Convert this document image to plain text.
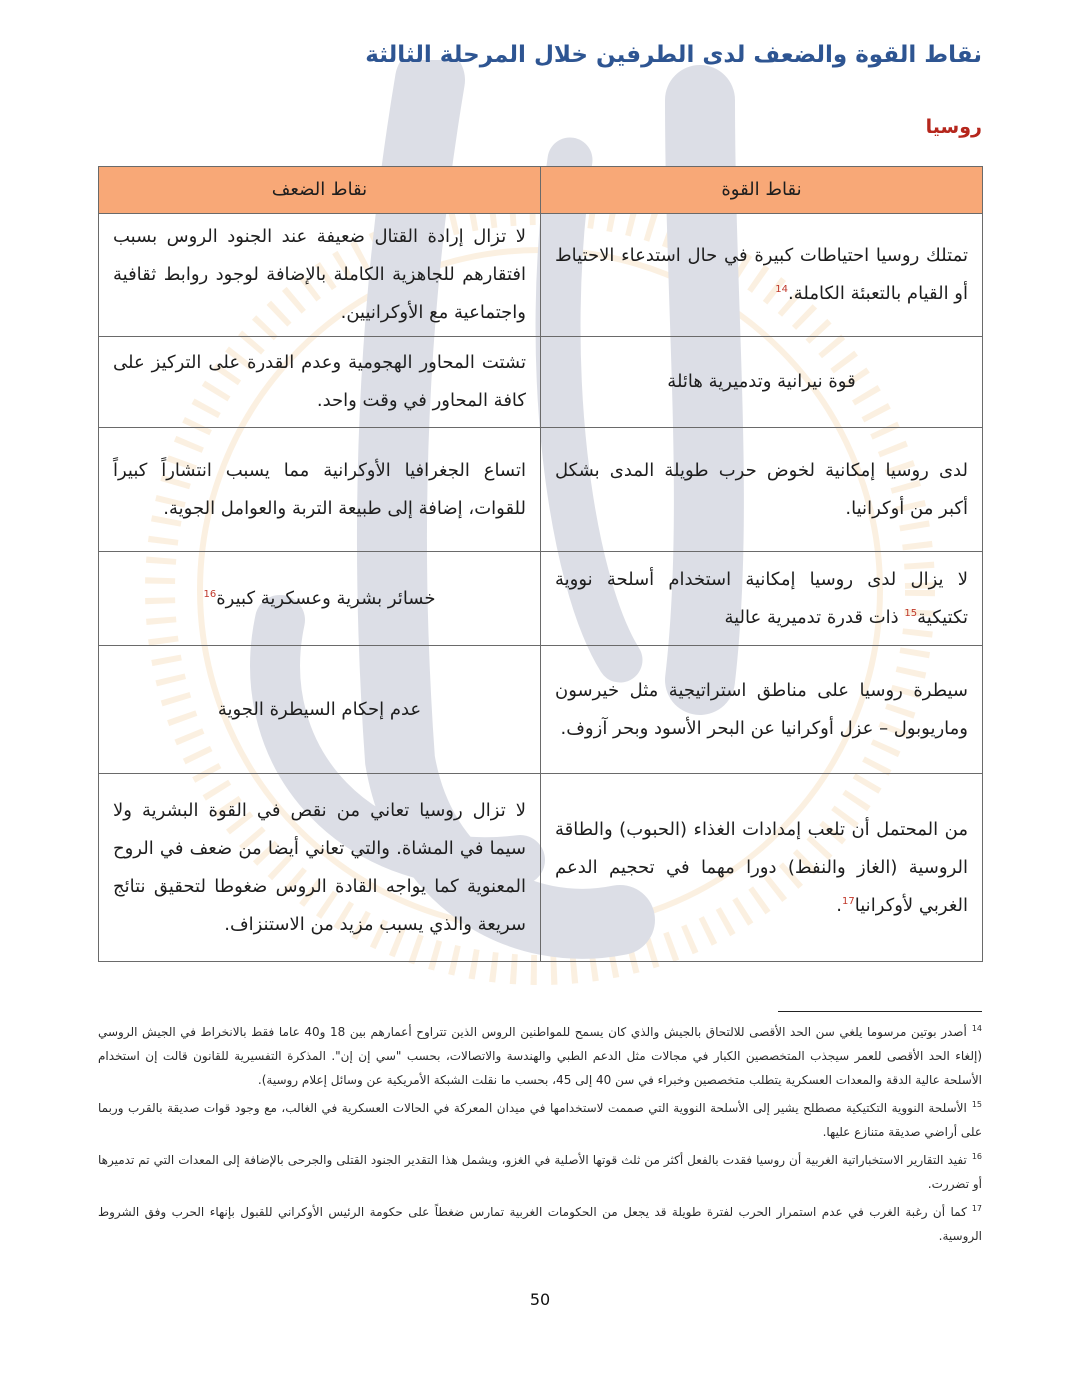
نقاط القوة والضعف لدى الطرفين خلال المرحلة الثالثة
روسيا
نقاط القوة	نقاط الضعف
تمتلك روسيا احتياطات كبيرة في حال استدعاء الاحتياط أو القيام بالتعبئة الكاملة.$^{14}$	لا تزال إرادة القتال ضعيفة عند الجنود الروس بسبب افتقارهم للجاهزية الكاملة بالإضافة لوجود روابط ثقافية واجتماعية مع الأوكرانيين.
قوة نيرانية وتدميرية هائلة	تشتت المحاور الهجومية وعدم القدرة على التركيز على كافة المحاور في وقت واحد.
لدى روسيا إمكانية لخوض حرب طويلة المدى بشكل أكبر من أوكرانيا.	اتساع الجغرافيا الأوكرانية مما يسبب انتشاراً كبيراً للقوات، إضافة إلى طبيعة التربة والعوامل الجوية.
لا يزال لدى روسيا إمكانية استخدام أسلحة نووية تكتيكية$^{15}$ ذات قدرة تدميرية عالية	خسائر بشرية وعسكرية كبيرة$^{16}$
سيطرة روسيا على مناطق استراتيجية مثل خيرسون وماريوبول – عزل أوكرانيا عن البحر الأسود وبحر آزوف.	عدم إحكام السيطرة الجوية
من المحتمل أن تلعب إمدادات الغذاء (الحبوب) والطاقة الروسية (الغاز والنفط) دورا مهما في تحجيم الدعم الغربي لأوكرانيا$^{17}$.	لا تزال روسيا تعاني من نقص في القوة البشرية ولا سيما في المشاة. والتي تعاني أيضا من ضعف في الروح المعنوية كما يواجه القادة الروس ضغوطا لتحقيق نتائج سريعة والذي يسبب مزيد من الاستنزاف.

$^{14}$أصدر بوتين مرسوما يلغي سن الحد الأقصى للالتحاق بالجيش والذي كان يسمح للمواطنين الروس الذين تتراوح أعمارهم بين 18 و40 عاما فقط بالانخراط في الجيش الروسي (إلغاء الحد الأقصى للعمر سيجذب المتخصصين الكبار في مجالات مثل الدعم الطبي والهندسة والاتصالات، بحسب "سي إن إن". المذكرة التفسيرية للقانون قالت إن استخدام الأسلحة عالية الدقة والمعدات العسكرية يتطلب متخصصين وخبراء في سن 40 إلى 45، بحسب ما نقلت الشبكة الأمريكية عن وسائل إعلام روسية).

$^{15}$الأسلحة النووية التكتيكية مصطلح يشير إلى الأسلحة النووية التي صممت لاستخدامها في ميدان المعركة في الحالات العسكرية في الغالب، مع وجود قوات صديقة بالقرب وربما على أراضي صديقة متنازع عليها.

$^{16}$تفيد التقارير الاستخباراتية الغربية أن روسيا فقدت بالفعل أكثر من ثلث قوتها الأصلية في الغزو، ويشمل هذا التقدير الجنود القتلى والجرحى بالإضافة إلى المعدات التي تم تدميرها أو تضررت.

$^{17}$كما أن رغبة الغرب في عدم استمرار الحرب لفترة طويلة قد يجعل من الحكومات الغربية تمارس ضغطاً على حكومة الرئيس الأوكراني للقبول بإنهاء الحرب وفق الشروط الروسية.

50
